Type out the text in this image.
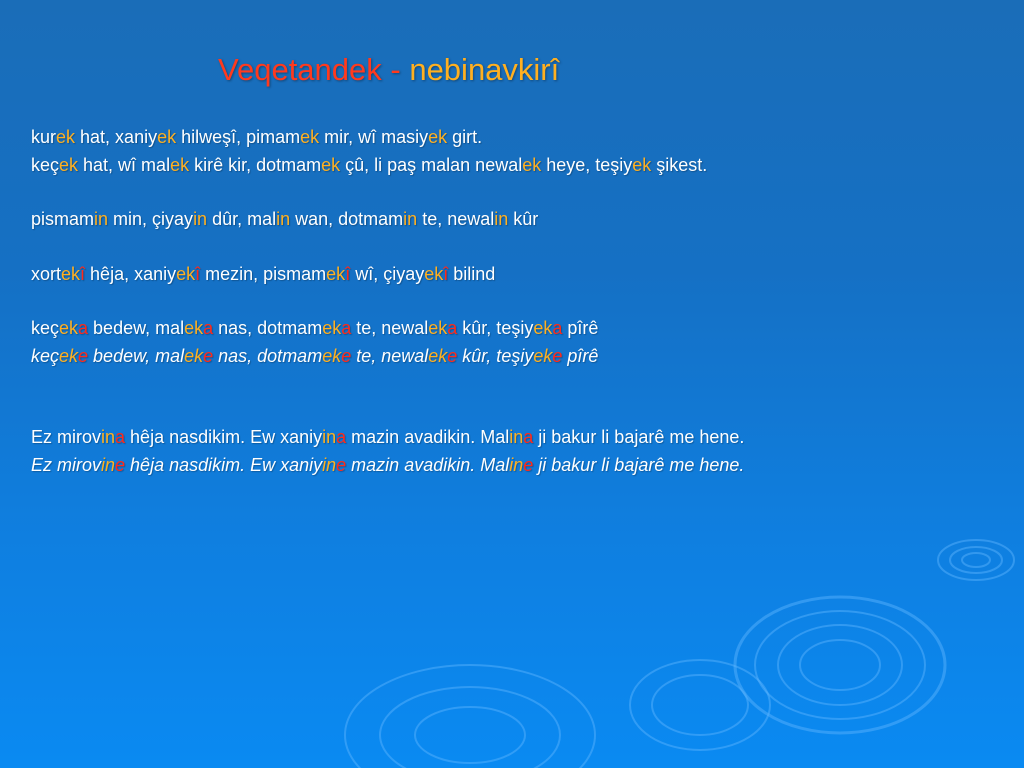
Veqetandek - nebinavkirî

kurek hat, xaniyek hilweşî, pimamek mir, wî masiyek girt.

keçek hat, wî malek kirê kir, dotmamek çû, li paş malan newalek heye, teşiyek şikest.

pismamin min, çiyayin dûr, malin wan, dotmamin te, newalin kûr

xortekî hêja, xaniyekî mezin, pismamekî wî, çiyayekî bilind

keçeka bedew, maleka nas, dotmameka te, newaleka kûr, teşiyeka pîrê

keçeke bedew, maleke nas, dotmameke te, newaleke kûr, teşiyeke pîrê

Ez mirovina hêja nasdikim. Ew xaniyina mazin avadikin. Malina ji bakur li bajarê me hene.

Ez mirovine hêja nasdikim. Ew xaniyine mazin avadikin. Maline ji bakur li bajarê me hene.
